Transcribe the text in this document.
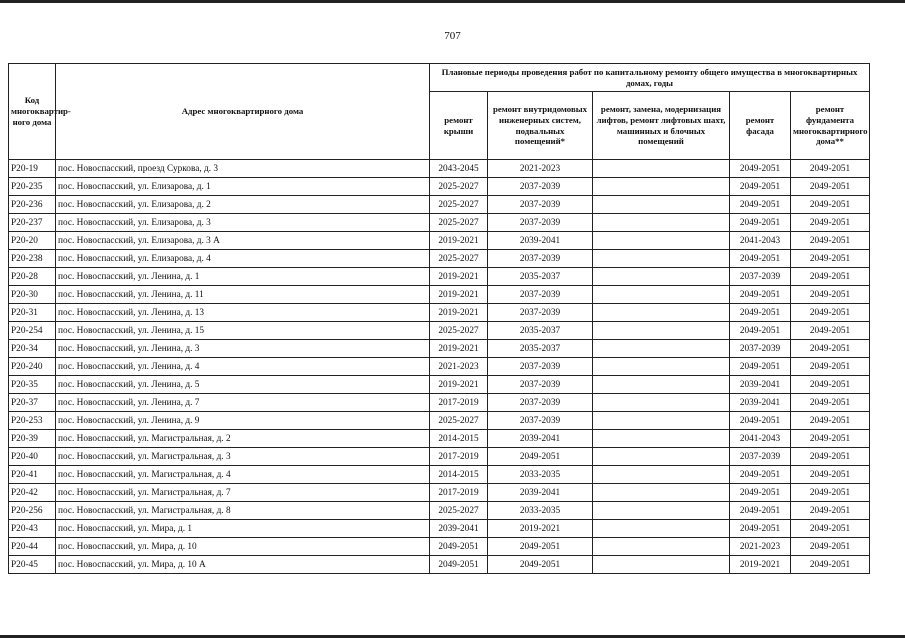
707
Код многоквартир-ного дома	Адрес многоквартирного дома	Плановые периоды проведения работ по капитальному ремонту общего имущества в многоквартирных домах, годы				
		ремонт крыши	ремонт внутридомовых инженерных систем, подвальных помещений*	ремонт, замена, модернизация лифтов, ремонт лифтовых шахт, машинных и блочных помещений	ремонт фасада	ремонт фундамента многоквартирного дома**
P20-19	пос. Новоспасский, проезд Суркова, д. 3	2043-2045	2021-2023		2049-2051	2049-2051
P20-235	пос. Новоспасский, ул. Елизарова, д. 1	2025-2027	2037-2039		2049-2051	2049-2051
P20-236	пос. Новоспасский, ул. Елизарова, д. 2	2025-2027	2037-2039		2049-2051	2049-2051
P20-237	пос. Новоспасский, ул. Елизарова, д. 3	2025-2027	2037-2039		2049-2051	2049-2051
P20-20	пос. Новоспасский, ул. Елизарова, д. 3 А	2019-2021	2039-2041		2041-2043	2049-2051
P20-238	пос. Новоспасский, ул. Елизарова, д. 4	2025-2027	2037-2039		2049-2051	2049-2051
P20-28	пос. Новоспасский, ул. Ленина, д. 1	2019-2021	2035-2037		2037-2039	2049-2051
P20-30	пос. Новоспасский, ул. Ленина, д. 11	2019-2021	2037-2039		2049-2051	2049-2051
P20-31	пос. Новоспасский, ул. Ленина, д. 13	2019-2021	2037-2039		2049-2051	2049-2051
P20-254	пос. Новоспасский, ул. Ленина, д. 15	2025-2027	2035-2037		2049-2051	2049-2051
P20-34	пос. Новоспасский, ул. Ленина, д. 3	2019-2021	2035-2037		2037-2039	2049-2051
P20-240	пос. Новоспасский, ул. Ленина, д. 4	2021-2023	2037-2039		2049-2051	2049-2051
P20-35	пос. Новоспасский, ул. Ленина, д. 5	2019-2021	2037-2039		2039-2041	2049-2051
P20-37	пос. Новоспасский, ул. Ленина, д. 7	2017-2019	2037-2039		2039-2041	2049-2051
P20-253	пос. Новоспасский, ул. Ленина, д. 9	2025-2027	2037-2039		2049-2051	2049-2051
P20-39	пос. Новоспасский, ул. Магистральная, д. 2	2014-2015	2039-2041		2041-2043	2049-2051
P20-40	пос. Новоспасский, ул. Магистральная, д. 3	2017-2019	2049-2051		2037-2039	2049-2051
P20-41	пос. Новоспасский, ул. Магистральная, д. 4	2014-2015	2033-2035		2049-2051	2049-2051
P20-42	пос. Новоспасский, ул. Магистральная, д. 7	2017-2019	2039-2041		2049-2051	2049-2051
P20-256	пос. Новоспасский, ул. Магистральная, д. 8	2025-2027	2033-2035		2049-2051	2049-2051
P20-43	пос. Новоспасский, ул. Мира, д. 1	2039-2041	2019-2021		2049-2051	2049-2051
P20-44	пос. Новоспасский, ул. Мира, д. 10	2049-2051	2049-2051		2021-2023	2049-2051
P20-45	пос. Новоспасский, ул. Мира, д. 10 А	2049-2051	2049-2051		2019-2021	2049-2051
